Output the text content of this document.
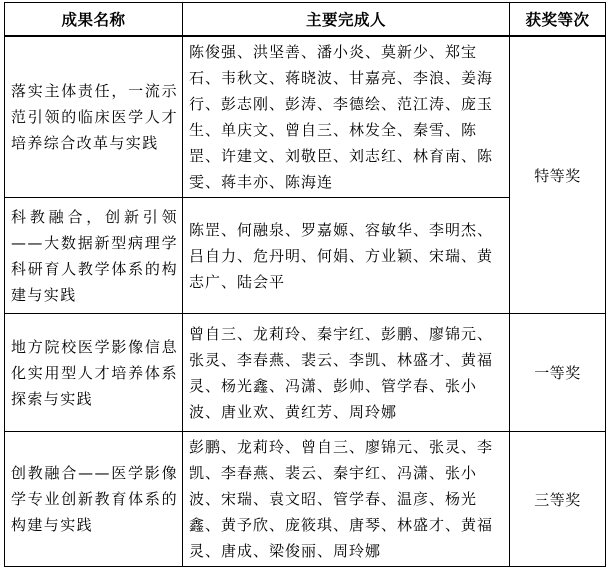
成果名称	主要完成人	获奖等次
落实主体责任，一流示范引领的临床医学人才培养综合改革与实践	陈俊强、洪坚善、潘小炎、莫新少、郑宝石、韦秋文、蒋晓波、甘嘉亮、李浪、姜海行、彭志刚、彭涛、李德绘、范江涛、庞玉生、单庆文、曾自三、林发全、秦雪、陈罡、许建文、刘敬臣、刘志红、林育南、陈雯、蒋丰亦、陈海连	特等奖
科教融合，创新引领——大数据新型病理学科研育人教学体系的构建与实践	陈罡、何融泉、罗嘉嫄、容敏华、李明杰、吕自力、危丹明、何娟、方业颖、宋瑞、黄志广、陆会平	
地方院校医学影像信息化实用型人才培养体系探索与实践	曾自三、龙莉玲、秦宇红、彭鹏、廖锦元、张灵、李春燕、裴云、李凯、林盛才、黄福灵、杨光鑫、冯潇、彭帅、管学春、张小波、唐业欢、黄红芳、周玲娜	一等奖
创教融合——医学影像学专业创新教育体系的构建与实践	彭鹏、龙莉玲、曾自三、廖锦元、张灵、李凯、李春燕、裴云、秦宇红、冯潇、张小波、宋瑞、袁文昭、管学春、温彦、杨光鑫、黄予欣、庞筱琪、唐琴、林盛才、黄福灵、唐成、梁俊丽、周玲娜	三等奖
